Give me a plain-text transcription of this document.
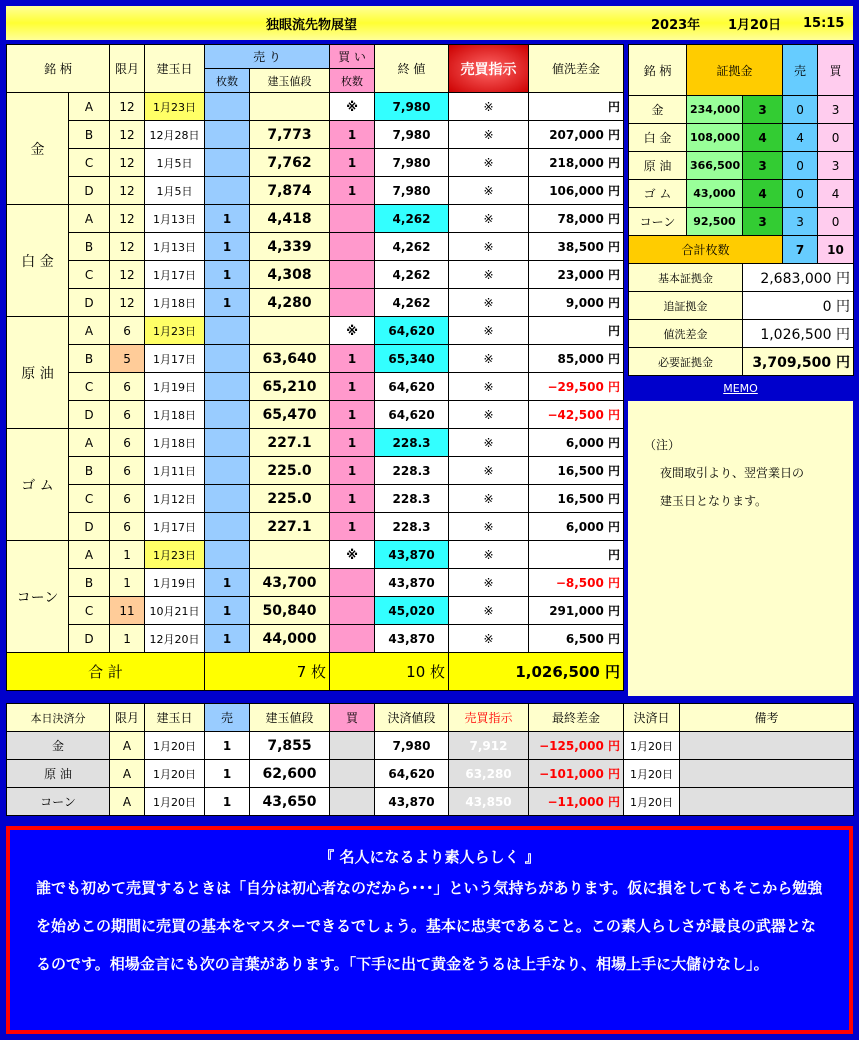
独眼流先物展望	2023年 1月20日 15:15
銘 柄		限月	建玉日	売 り		買 い	終 値	売買指示	値洗差金
				枚数	建玉値段	枚数			
金	A	12	1月23日			※	7,980	※	円
	B	12	12月28日		7,773	1	7,980	※	207,000 円
	C	12	1月5日		7,762	1	7,980	※	218,000 円
	D	12	1月5日		7,874	1	7,980	※	106,000 円
白 金	A	12	1月13日	1	4,418		4,262	※	78,000 円
	B	12	1月13日	1	4,339		4,262	※	38,500 円
	C	12	1月17日	1	4,308		4,262	※	23,000 円
	D	12	1月18日	1	4,280		4,262	※	9,000 円
原 油	A	6	1月23日			※	64,620	※	円
	B	5	1月17日		63,640	1	65,340	※	85,000 円
	C	6	1月19日		65,210	1	64,620	※	−29,500 円
	D	6	1月18日		65,470	1	64,620	※	−42,500 円
ゴ ム	A	6	1月18日		227.1	1	228.3	※	6,000 円
	B	6	1月11日		225.0	1	228.3	※	16,500 円
	C	6	1月12日		225.0	1	228.3	※	16,500 円
	D	6	1月17日		227.1	1	228.3	※	6,000 円
コーン	A	1	1月23日			※	43,870	※	円
	B	1	1月19日	1	43,700		43,870	※	−8,500 円
	C	11	10月21日	1	50,840		45,020	※	291,000 円
	D	1	12月20日	1	44,000		43,870	※	6,500 円
合 計				7 枚		10 枚		1,026,500 円	
銘 柄	証拠金		売	買
金	234,000	3	0	3
白 金	108,000	4	4	0
原 油	366,500	3	0	3
ゴ ム	43,000	4	0	4
コーン	92,500	3	3	0
合計枚数			7	10
基本証拠金		2,683,000 円		
追証拠金		0 円		
値洗差金		1,026,500 円		
必要証拠金		3,709,500 円		
MEMO
（注）
夜間取引より、翌営業日の
建玉日となります。
本日決済分	限月	建玉日	売	建玉値段	買	決済値段	売買指示	最終差金	決済日	備考
金	A	1月20日	1	7,855		7,980	7,912	−125,000 円	1月20日	
原 油	A	1月20日	1	62,600		64,620	63,280	−101,000 円	1月20日	
コーン	A	1月20日	1	43,650		43,870	43,850	−11,000 円	1月20日	
『 名人になるより素人らしく 』
誰でも初めて売買するときは「自分は初心者なのだから･･･」という気持ちがあります。仮に損をしてもそこから勉強を始めこの期間に売買の基本をマスターできるでしょう。基本に忠実であること。この素人らしさが最良の武器となるのです。相場金言にも次の言葉があります。「下手に出て黄金をうるは上手なり、相場上手に大儲けなし」。
